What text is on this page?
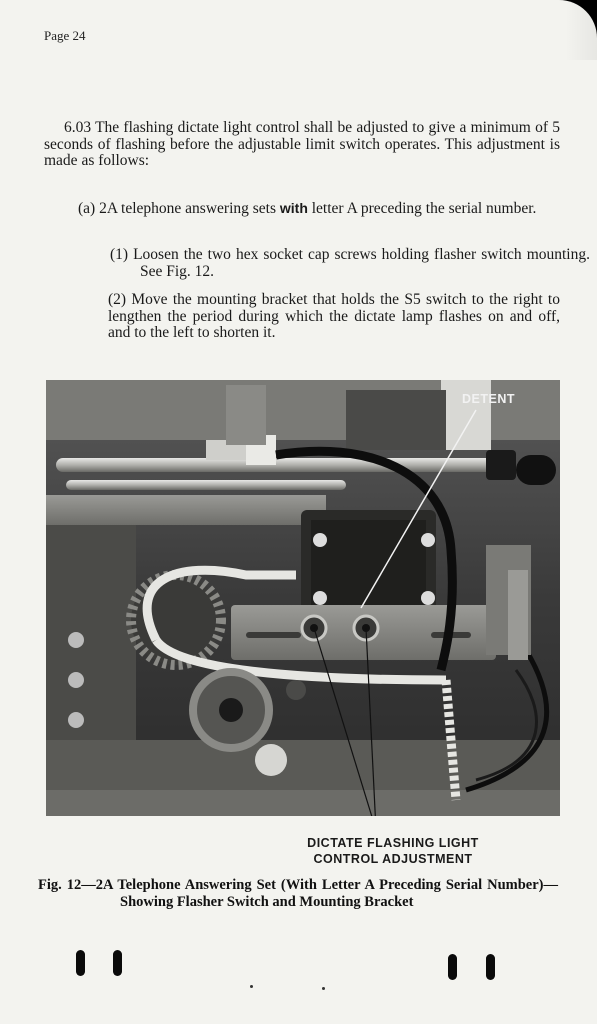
Page 24

6.03 The flashing dictate light control shall be adjusted to give a minimum of 5 seconds of flashing before the adjustable limit switch operates. This adjustment is made as follows:

(a) 2A telephone answering sets with letter A preceding the serial number.

(1) Loosen the two hex socket cap screws holding flasher switch mounting. See Fig. 12.

(2) Move the mounting bracket that holds the S5 switch to the right to lengthen the period during which the dictate lamp flashes on and off, and to the left to shorten it.

DETENT
DICTATE FLASHING LIGHT
CONTROL ADJUSTMENT
Fig. 12—2A Telephone Answering Set (With Letter A Preceding Serial Number)—Showing Flasher Switch and Mounting Bracket
